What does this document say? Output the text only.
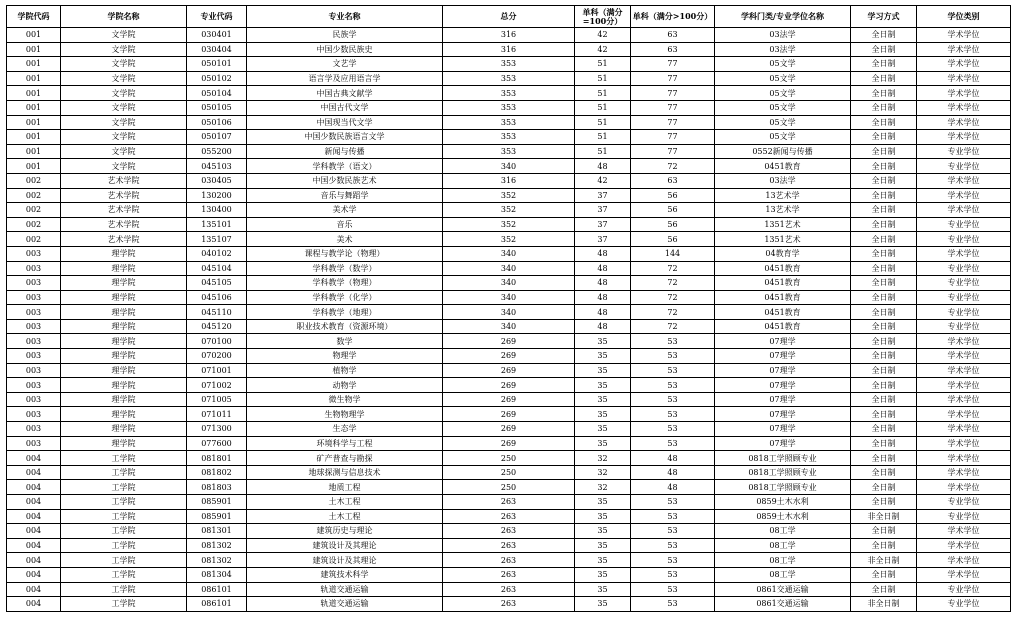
学院代码	学院名称	专业代码	专业名称	总分	单科（满分=100分）	单科（满分>100分）	学科门类/专业学位名称	学习方式	学位类别
001	文学院	030401	民族学	316	42	63	03法学	全日制	学术学位
001	文学院	030404	中国少数民族史	316	42	63	03法学	全日制	学术学位
001	文学院	050101	文艺学	353	51	77	05文学	全日制	学术学位
001	文学院	050102	语言学及应用语言学	353	51	77	05文学	全日制	学术学位
001	文学院	050104	中国古典文献学	353	51	77	05文学	全日制	学术学位
001	文学院	050105	中国古代文学	353	51	77	05文学	全日制	学术学位
001	文学院	050106	中国现当代文学	353	51	77	05文学	全日制	学术学位
001	文学院	050107	中国少数民族语言文学	353	51	77	05文学	全日制	学术学位
001	文学院	055200	新闻与传播	353	51	77	0552新闻与传播	全日制	专业学位
001	文学院	045103	学科教学（语文）	340	48	72	0451教育	全日制	专业学位
002	艺术学院	030405	中国少数民族艺术	316	42	63	03法学	全日制	学术学位
002	艺术学院	130200	音乐与舞蹈学	352	37	56	13艺术学	全日制	学术学位
002	艺术学院	130400	美术学	352	37	56	13艺术学	全日制	学术学位
002	艺术学院	135101	音乐	352	37	56	1351艺术	全日制	专业学位
002	艺术学院	135107	美术	352	37	56	1351艺术	全日制	专业学位
003	理学院	040102	课程与教学论（物理）	340	48	144	04教育学	全日制	学术学位
003	理学院	045104	学科教学（数学）	340	48	72	0451教育	全日制	专业学位
003	理学院	045105	学科教学（物理）	340	48	72	0451教育	全日制	专业学位
003	理学院	045106	学科教学（化学）	340	48	72	0451教育	全日制	专业学位
003	理学院	045110	学科教学（地理）	340	48	72	0451教育	全日制	专业学位
003	理学院	045120	职业技术教育（资源环境）	340	48	72	0451教育	全日制	专业学位
003	理学院	070100	数学	269	35	53	07理学	全日制	学术学位
003	理学院	070200	物理学	269	35	53	07理学	全日制	学术学位
003	理学院	071001	植物学	269	35	53	07理学	全日制	学术学位
003	理学院	071002	动物学	269	35	53	07理学	全日制	学术学位
003	理学院	071005	微生物学	269	35	53	07理学	全日制	学术学位
003	理学院	071011	生物物理学	269	35	53	07理学	全日制	学术学位
003	理学院	071300	生态学	269	35	53	07理学	全日制	学术学位
003	理学院	077600	环境科学与工程	269	35	53	07理学	全日制	学术学位
004	工学院	081801	矿产普查与勘探	250	32	48	0818工学照顾专业	全日制	学术学位
004	工学院	081802	地球探测与信息技术	250	32	48	0818工学照顾专业	全日制	学术学位
004	工学院	081803	地质工程	250	32	48	0818工学照顾专业	全日制	学术学位
004	工学院	085901	土木工程	263	35	53	0859土木水利	全日制	专业学位
004	工学院	085901	土木工程	263	35	53	0859土木水利	非全日制	专业学位
004	工学院	081301	建筑历史与理论	263	35	53	08工学	全日制	学术学位
004	工学院	081302	建筑设计及其理论	263	35	53	08工学	全日制	学术学位
004	工学院	081302	建筑设计及其理论	263	35	53	08工学	非全日制	学术学位
004	工学院	081304	建筑技术科学	263	35	53	08工学	全日制	学术学位
004	工学院	086101	轨道交通运输	263	35	53	0861交通运输	全日制	专业学位
004	工学院	086101	轨道交通运输	263	35	53	0861交通运输	非全日制	专业学位
